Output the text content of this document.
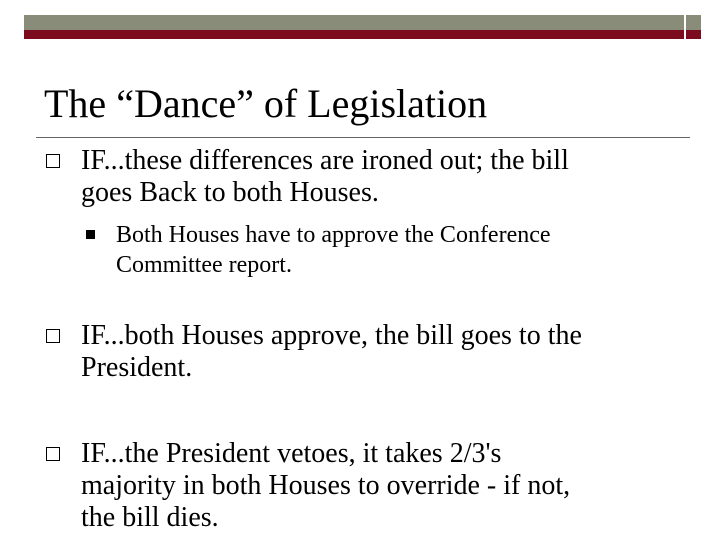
The “Dance” of Legislation
IF...these differences are ironed out; the bill
goes Back to both Houses.
Both Houses have to approve the Conference
Committee report.
IF...both Houses approve, the bill goes to the
President.
IF...the President vetoes, it takes 2/3's
majority in both Houses to override - if not,
the bill dies.
